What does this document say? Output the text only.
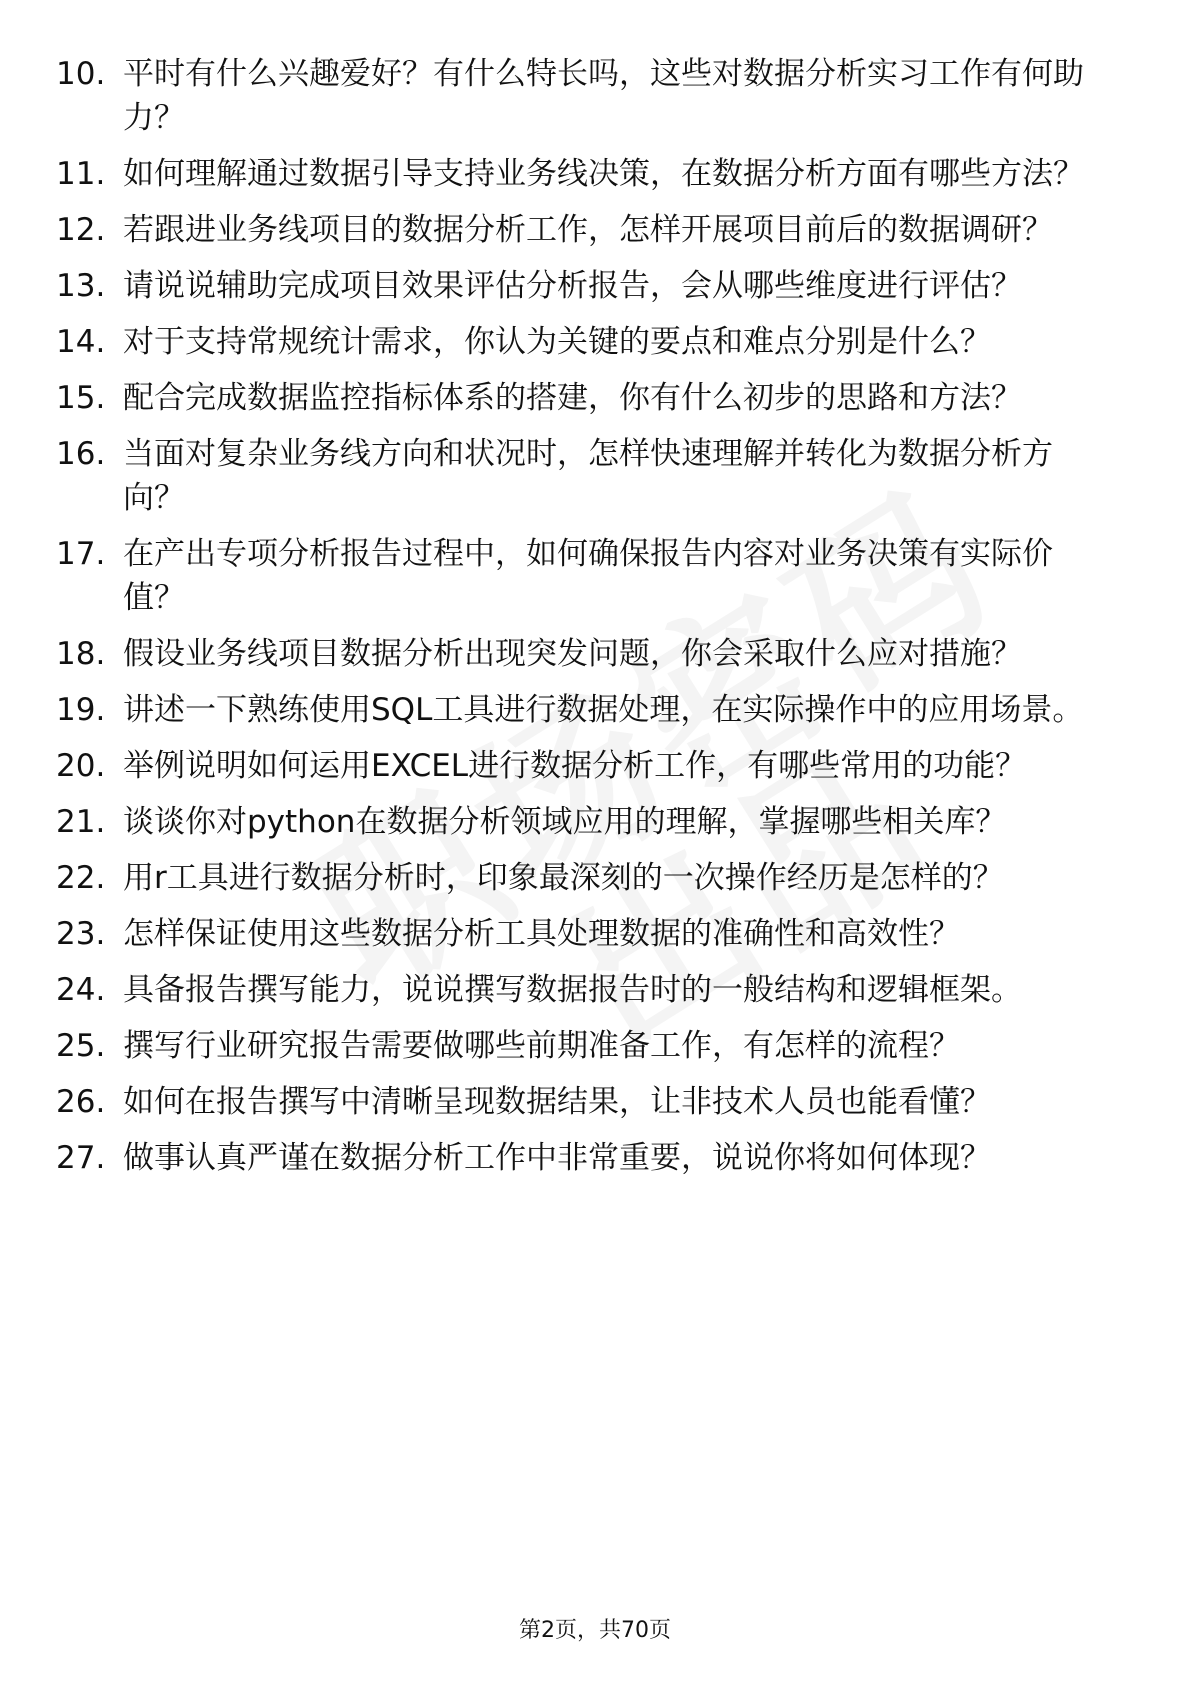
10. 平时有什么兴趣爱好？有什么特长吗，这些对数据分析实习工作有何助力？
11. 如何理解通过数据引导支持业务线决策，在数据分析方面有哪些方法？
12. 若跟进业务线项目的数据分析工作，怎样开展项目前后的数据调研？
13. 请说说辅助完成项目效果评估分析报告，会从哪些维度进行评估？
14. 对于支持常规统计需求，你认为关键的要点和难点分别是什么？
15. 配合完成数据监控指标体系的搭建，你有什么初步的思路和方法？
16. 当面对复杂业务线方向和状况时，怎样快速理解并转化为数据分析方向？
17. 在产出专项分析报告过程中，如何确保报告内容对业务决策有实际价值？
18. 假设业务线项目数据分析出现突发问题，你会采取什么应对措施？
19. 讲述一下熟练使用SQL工具进行数据处理，在实际操作中的应用场景。
20. 举例说明如何运用EXCEL进行数据分析工作，有哪些常用的功能？
21. 谈谈你对python在数据分析领域应用的理解，掌握哪些相关库？
22. 用r工具进行数据分析时，印象最深刻的一次操作经历是怎样的？
23. 怎样保证使用这些数据分析工具处理数据的准确性和高效性？
24. 具备报告撰写能力，说说撰写数据报告时的一般结构和逻辑框架。
25. 撰写行业研究报告需要做哪些前期准备工作，有怎样的流程？
26. 如何在报告撰写中清晰呈现数据结果，让非技术人员也能看懂？
27. 做事认真严谨在数据分析工作中非常重要，说说你将如何体现？
第2页，共70页
